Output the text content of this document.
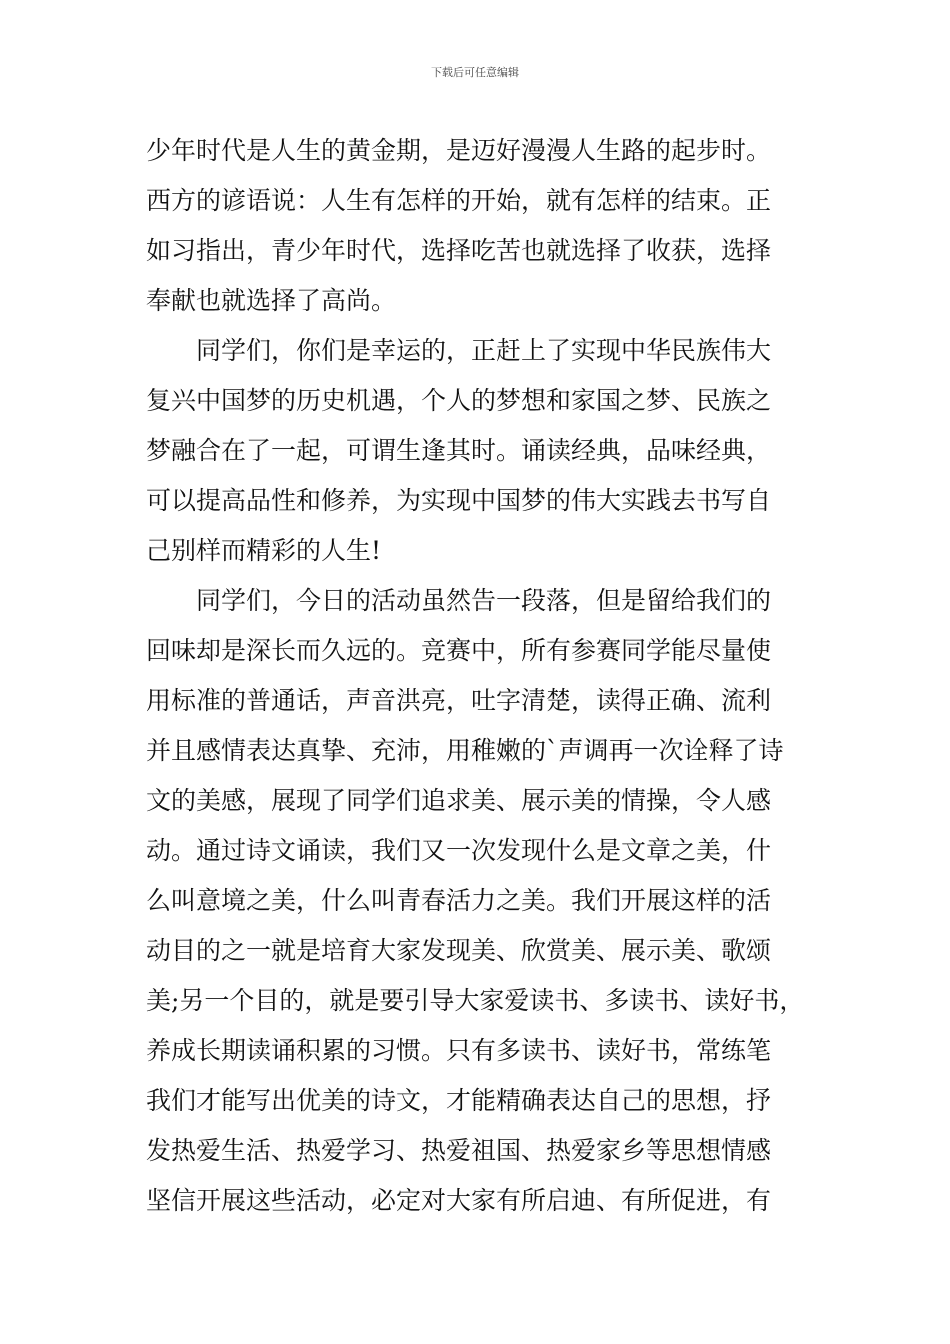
下载后可任意编辑
少年时代是人生的黄金期，是迈好漫漫人生路的起步时。
西方的谚语说：人生有怎样的开始，就有怎样的结束。正
如习指出，青少年时代，选择吃苦也就选择了收获，选择
奉献也就选择了高尚。
同学们，你们是幸运的，正赶上了实现中华民族伟大
复兴中国梦的历史机遇，个人的梦想和家国之梦、民族之
梦融合在了一起，可谓生逢其时。诵读经典，品味经典，
可以提高品性和修养，为实现中国梦的伟大实践去书写自
己别样而精彩的人生!
同学们，今日的活动虽然告一段落，但是留给我们的
回味却是深长而久远的。竞赛中，所有参赛同学能尽量使
用标准的普通话，声音洪亮，吐字清楚，读得正确、流利
并且感情表达真挚、充沛，用稚嫩的`声调再一次诠释了诗
文的美感，展现了同学们追求美、展示美的情操，令人感
动。通过诗文诵读，我们又一次发现什么是文章之美，什
么叫意境之美，什么叫青春活力之美。我们开展这样的活
动目的之一就是培育大家发现美、欣赏美、展示美、歌颂
美;另一个目的，就是要引导大家爱读书、多读书、读好书，
养成长期读诵积累的习惯。只有多读书、读好书，常练笔
我们才能写出优美的诗文，才能精确表达自己的思想，抒
发热爱生活、热爱学习、热爱祖国、热爱家乡等思想情感
坚信开展这些活动，必定对大家有所启迪、有所促进，有
